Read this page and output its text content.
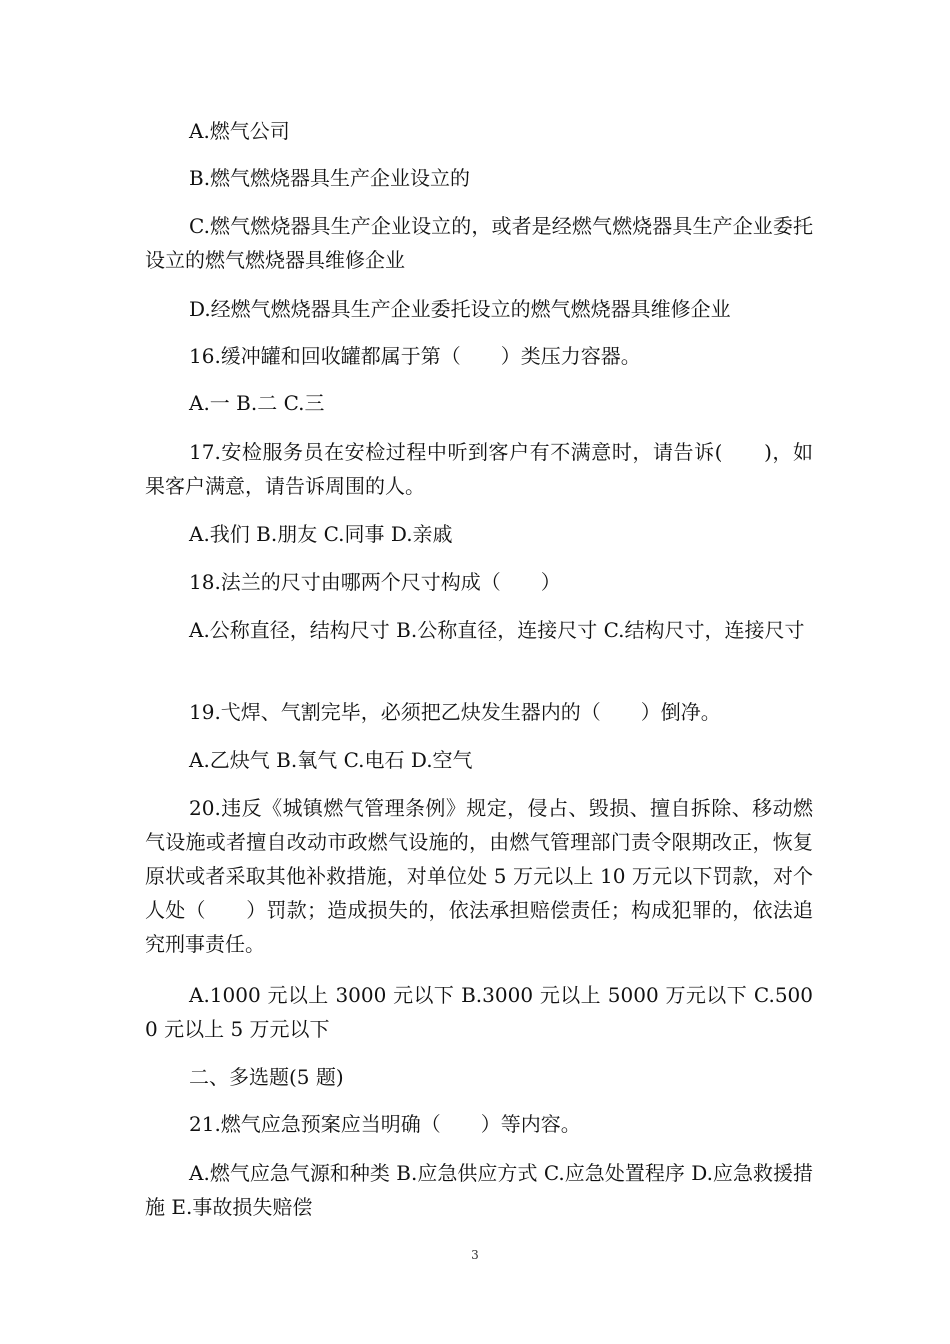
A.燃气公司

B.燃气燃烧器具生产企业设立的

C.燃气燃烧器具生产企业设立的，或者是经燃气燃烧器具生产企业委托设立的燃气燃烧器具维修企业

D.经燃气燃烧器具生产企业委托设立的燃气燃烧器具维修企业

16.缓冲罐和回收罐都属于第（　　）类压力容器。

A.一 B.二 C.三

17.安检服务员在安检过程中听到客户有不满意时，请告诉(　　)，如果客户满意，请告诉周围的人。

A.我们 B.朋友 C.同事 D.亲戚

18.法兰的尺寸由哪两个尺寸构成（　　）

A.公称直径，结构尺寸 B.公称直径，连接尺寸 C.结构尺寸，连接尺寸

19.弋焊、气割完毕，必须把乙炔发生器内的（　　）倒净。

A.乙炔气 B.氧气 C.电石 D.空气

20.违反《城镇燃气管理条例》规定，侵占、毁损、擅自拆除、移动燃气设施或者擅自改动市政燃气设施的，由燃气管理部门责令限期改正，恢复原状或者采取其他补救措施，对单位处 5 万元以上 10 万元以下罚款，对个人处（　　）罚款；造成损失的，依法承担赔偿责任；构成犯罪的，依法追究刑事责任。

A.1000 元以上 3000 元以下 B.3000 元以上 5000 万元以下 C.5000 元以上 5 万元以下

二、多选题(5 题)

21.燃气应急预案应当明确（　　）等内容。

A.燃气应急气源和种类 B.应急供应方式 C.应急处置程序 D.应急救援措施 E.事故损失赔偿

3
